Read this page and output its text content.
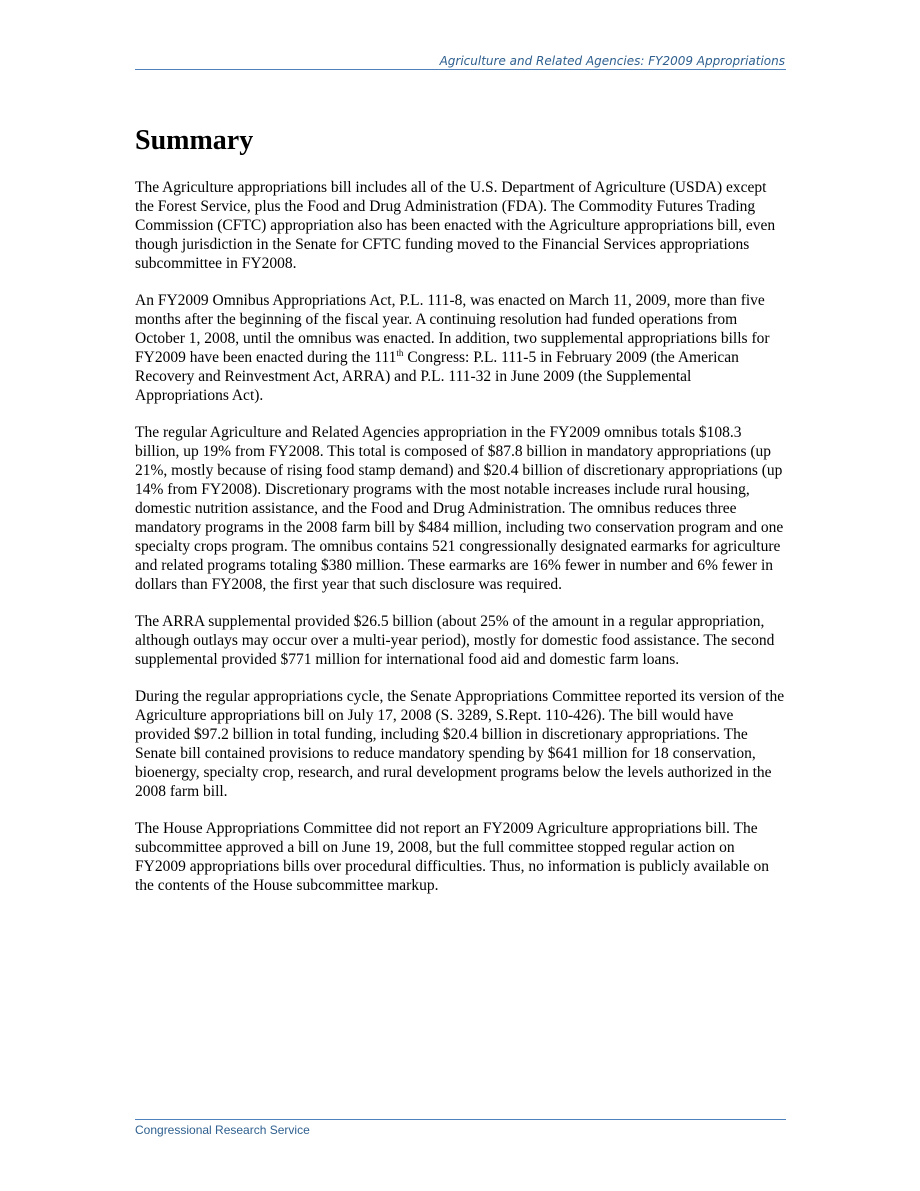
Agriculture and Related Agencies: FY2009 Appropriations
Summary

The Agriculture appropriations bill includes all of the U.S. Department of Agriculture (USDA) except the Forest Service, plus the Food and Drug Administration (FDA). The Commodity Futures Trading Commission (CFTC) appropriation also has been enacted with the Agriculture appropriations bill, even though jurisdiction in the Senate for CFTC funding moved to the Financial Services appropriations subcommittee in FY2008.

An FY2009 Omnibus Appropriations Act, P.L. 111-8, was enacted on March 11, 2009, more than five months after the beginning of the fiscal year. A continuing resolution had funded operations from October 1, 2008, until the omnibus was enacted. In addition, two supplemental appropriations bills for FY2009 have been enacted during the 111th Congress: P.L. 111-5 in February 2009 (the American Recovery and Reinvestment Act, ARRA) and P.L. 111-32 in June 2009 (the Supplemental Appropriations Act).

The regular Agriculture and Related Agencies appropriation in the FY2009 omnibus totals $108.3 billion, up 19% from FY2008. This total is composed of $87.8 billion in mandatory appropriations (up 21%, mostly because of rising food stamp demand) and $20.4 billion of discretionary appropriations (up 14% from FY2008). Discretionary programs with the most notable increases include rural housing, domestic nutrition assistance, and the Food and Drug Administration. The omnibus reduces three mandatory programs in the 2008 farm bill by $484 million, including two conservation program and one specialty crops program. The omnibus contains 521 congressionally designated earmarks for agriculture and related programs totaling $380 million. These earmarks are 16% fewer in number and 6% fewer in dollars than FY2008, the first year that such disclosure was required.

The ARRA supplemental provided $26.5 billion (about 25% of the amount in a regular appropriation, although outlays may occur over a multi-year period), mostly for domestic food assistance. The second supplemental provided $771 million for international food aid and domestic farm loans.

During the regular appropriations cycle, the Senate Appropriations Committee reported its version of the Agriculture appropriations bill on July 17, 2008 (S. 3289, S.Rept. 110-426). The bill would have provided $97.2 billion in total funding, including $20.4 billion in discretionary appropriations. The Senate bill contained provisions to reduce mandatory spending by $641 million for 18 conservation, bioenergy, specialty crop, research, and rural development programs below the levels authorized in the 2008 farm bill.

The House Appropriations Committee did not report an FY2009 Agriculture appropriations bill. The subcommittee approved a bill on June 19, 2008, but the full committee stopped regular action on FY2009 appropriations bills over procedural difficulties. Thus, no information is publicly available on the contents of the House subcommittee markup.

Congressional Research Service
